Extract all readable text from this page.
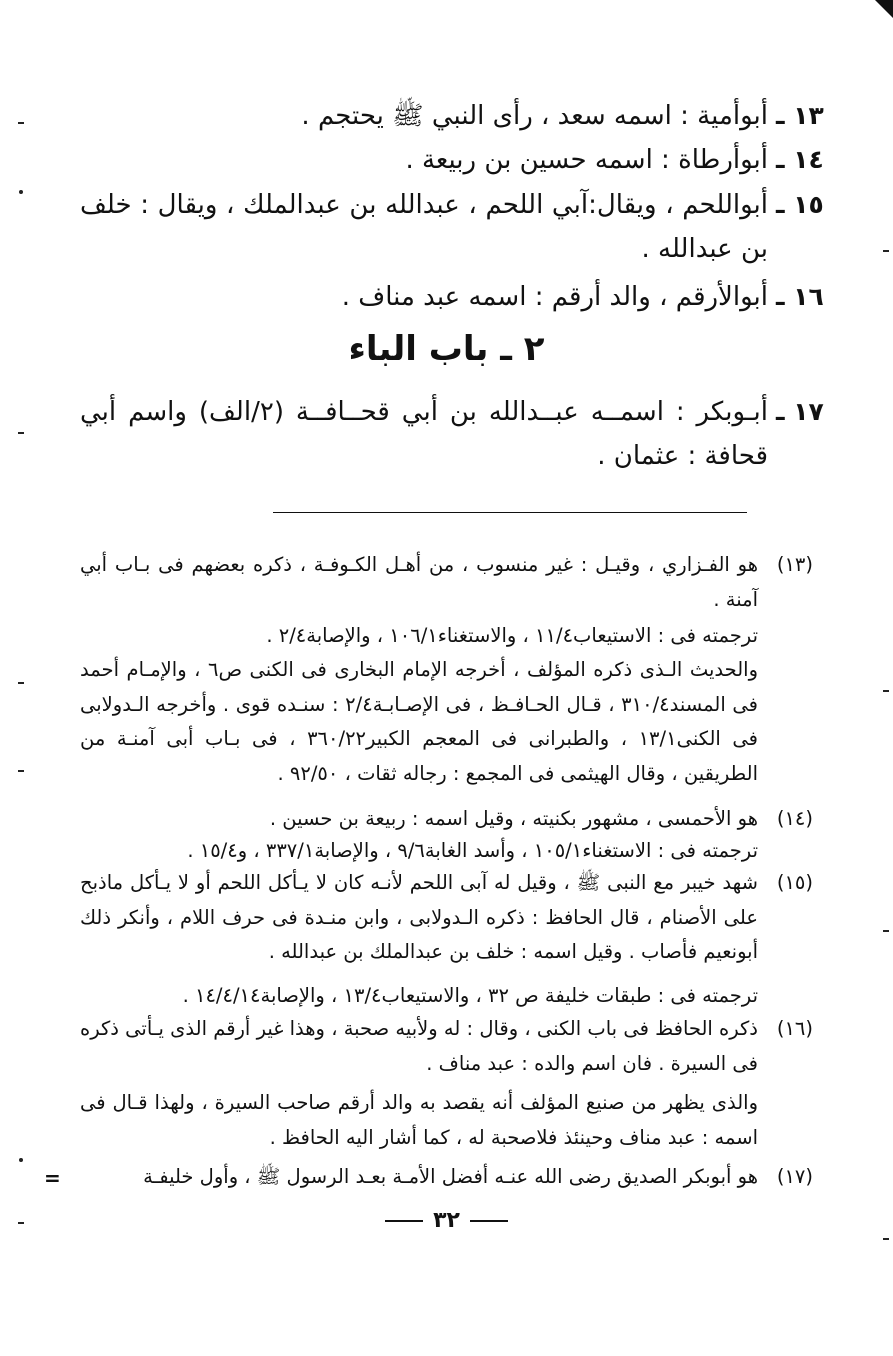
١٣ ـ
أبوأمية : اسمه سعد ، رأى النبي ﷺ يحتجم .
١٤ ـ
أبوأرطاة : اسمه حسين بن ربيعة .
١٥ ـ
أبواللحم ، ويقال:آبي اللحم ، عبدالله بن عبدالملك ، ويقال : خلف بن عبدالله .
١٦ ـ
أبوالأرقم ، والد أرقم : اسمه عبد مناف .
٢ ـ باب الباء
١٧ ـ
أبـوبكر : اسمــه عبــدالله بن أبي قحــافــة (٢/الف) واسم أبي قحافة : عثمان .
(١٣)
هو الفـزاري ، وقيـل : غير منسوب ، من أهـل الكـوفـة ، ذكره بعضهم فى بـاب أبي آمنة .
ترجمته فى : الاستيعاب١١/٤ ، والاستغناء١٠٦/١ ، والإصابة٢/٤ .
والحديث الـذى ذكره المؤلف ، أخرجه الإمام البخارى فى الكنى ص٦ ، والإمـام أحمد فى المسند٣١٠/٤ ، قـال الحـافـظ ، فى الإصـابـة٢/٤ : سنـده قوى . وأخرجه الـدولابى فى الكنى١٣/١ ، والطبرانى فى المعجم الكبير٣٦٠/٢٢ ، فى بـاب أبى آمنـة من الطريقين ، وقال الهيثمى فى المجمع : رجاله ثقات ، ٩٢/٥٠ .
(١٤)
هو الأحمسى ، مشهور بكنيته ، وقيل اسمه : ربيعة بن حسين .
ترجمته فى : الاستغناء١٠٥/١ ، وأسد الغابة٩/٦ ، والإصابة٣٣٧/١ ، و١٥/٤ .
(١٥)
شهد خيبر مع النبى ﷺ ، وقيل له آبى اللحم لأنـه كان لا يـأكل اللحم أو لا يـأكل ماذبح على الأصنام ، قال الحافظ : ذكره الـدولابى ، وابن منـدة فى حرف اللام ، وأنكر ذلك أبونعيم فأصاب . وقيل اسمه : خلف بن عبدالملك بن عبدالله .
ترجمته فى : طبقات خليفة ص ٣٢ ، والاستيعاب١٣/٤ ، والإصابة١٤/٤/١٤ .
(١٦)
ذكره الحافظ فى باب الكنى ، وقال : له ولأبيه صحبة ، وهذا غير أرقم الذى يـأتى ذكره فى السيرة . فان اسم والده : عبد مناف .
والذى يظهر من صنيع المؤلف أنه يقصد به والد أرقم صاحب السيرة ، ولهذا قـال فى اسمه : عبد مناف وحينئذ فلاصحبة له ، كما أشار اليه الحافظ .
(١٧)
هو أبوبكر الصديق رضى الله عنـه أفضل الأمـة بعـد الرسول ﷺ ، وأول خليفـة
=
٣٢
